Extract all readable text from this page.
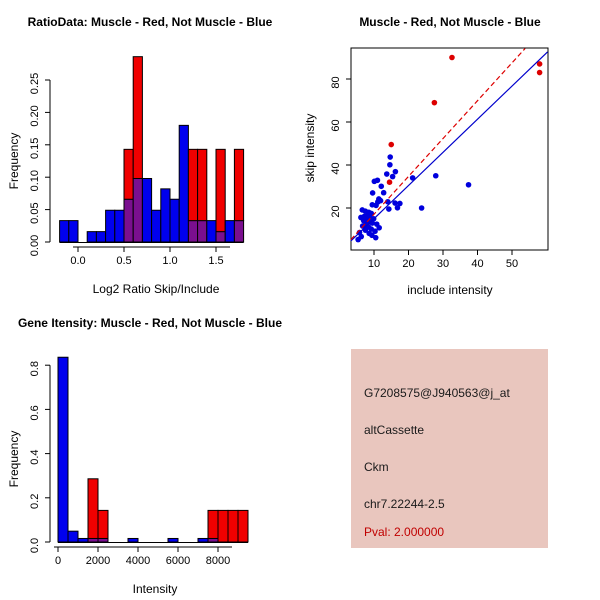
RatioData: Muscle - Red, Not Muscle - Blue
Frequency
Log2 Ratio Skip/Include
0.00
0.05
0.10
0.15
0.20
0.25
0.0	0.5	1.0	1.5
Muscle - Red, Not Muscle - Blue
skip intensity
include intensity
10 20 30 40 50
20
40
60
80
Gene Itensity: Muscle - Red, Not Muscle - Blue
Frequency
Intensity
0.0
0.2
0.4
0.6
0.8
0 2000 4000 6000 8000
G7208575@J940563@j_at
altCassette
Ckm
chr7.22244-2.5
Pval: 2.000000
